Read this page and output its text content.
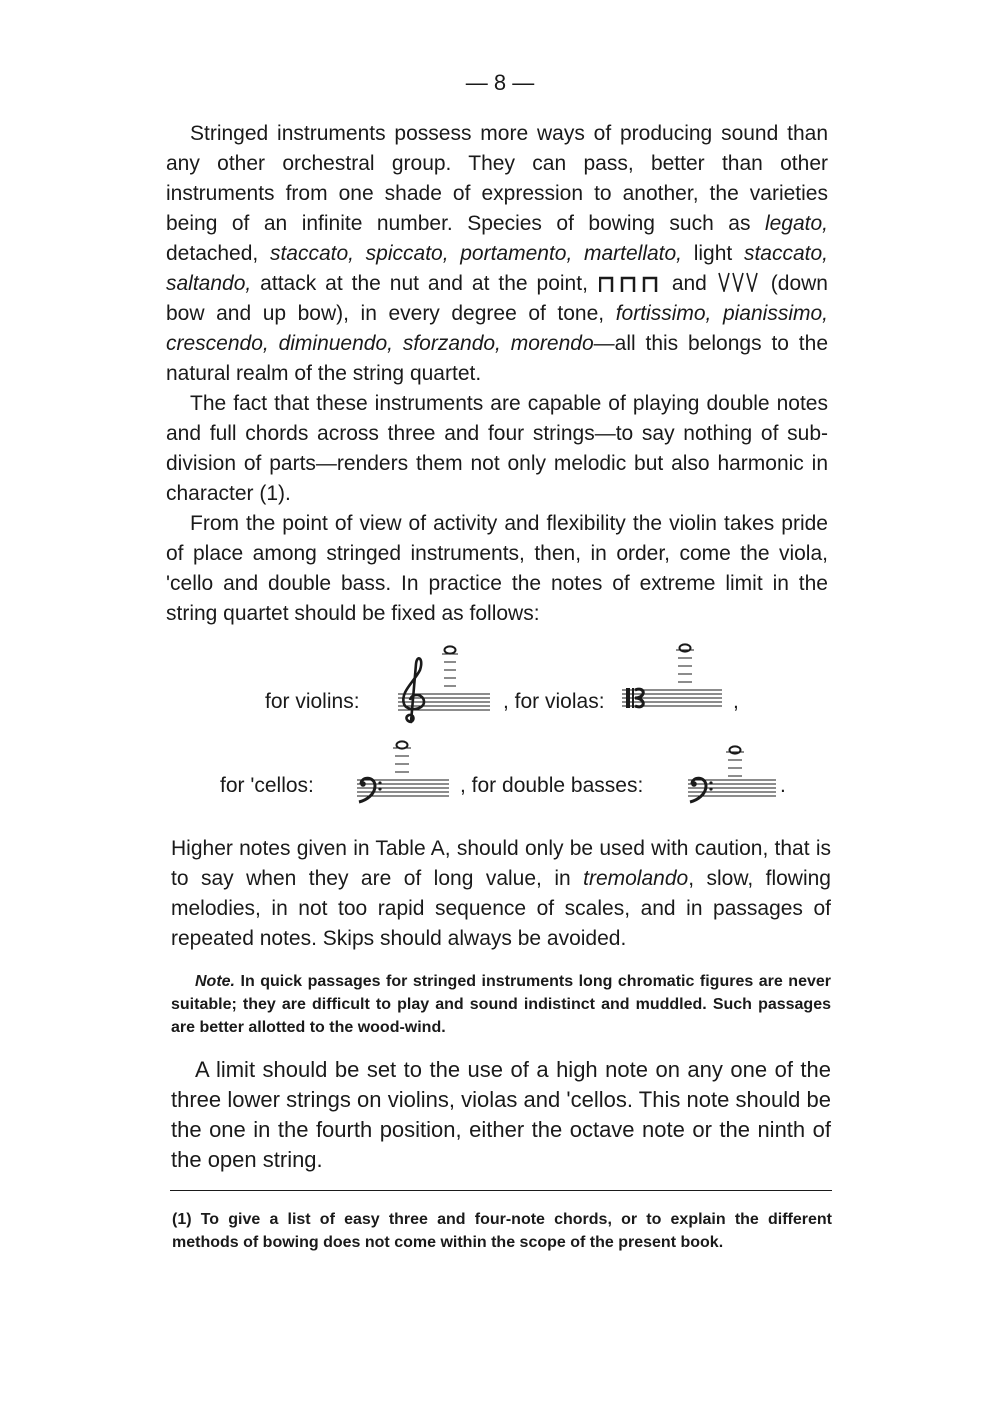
— 8 —

Stringed instruments possess more ways of producing sound than any other orchestral group. They can pass, better than other instruments from one shade of expression to another, the varieties being of an infinite number. Species of bowing such as legato, detached, staccato, spiccato, portamento, martellato, light staccato, saltando, attack at the nut and at the point,	and	(down bow and up bow), in every degree of tone, fortissimo, pianissimo, crescendo, diminuendo, sforzando, morendo—all this belongs to the natural realm of the string quartet.

The fact that these instruments are capable of playing double notes and full chords across three and four strings—to say nothing of sub-division of parts—renders them not only melodic but also harmonic in character (1).

From the point of view of activity and flexibility the violin takes pride of place among stringed instruments, then, in order, come the viola, 'cello and double bass. In practice the notes of extreme limit in the string quartet should be fixed as follows:

for violins:	, for violas:	,
for 'cellos:	, for double basses:	.

Higher notes given in Table A, should only be used with caution, that is to say when they are of long value, in tremolando, slow, flowing melodies, in not too rapid sequence of scales, and in passages of repeated notes. Skips should always be avoided.

Note. In quick passages for stringed instruments long chromatic figures are never suitable; they are difficult to play and sound indistinct and muddled. Such passages are better allotted to the wood-wind.

A limit should be set to the use of a high note on any one of the three lower strings on violins, violas and 'cellos. This note should be the one in the fourth position, either the octave note or the ninth of the open string.

(1) To give a list of easy three and four-note chords, or to explain the different methods of bowing does not come within the scope of the present book.
